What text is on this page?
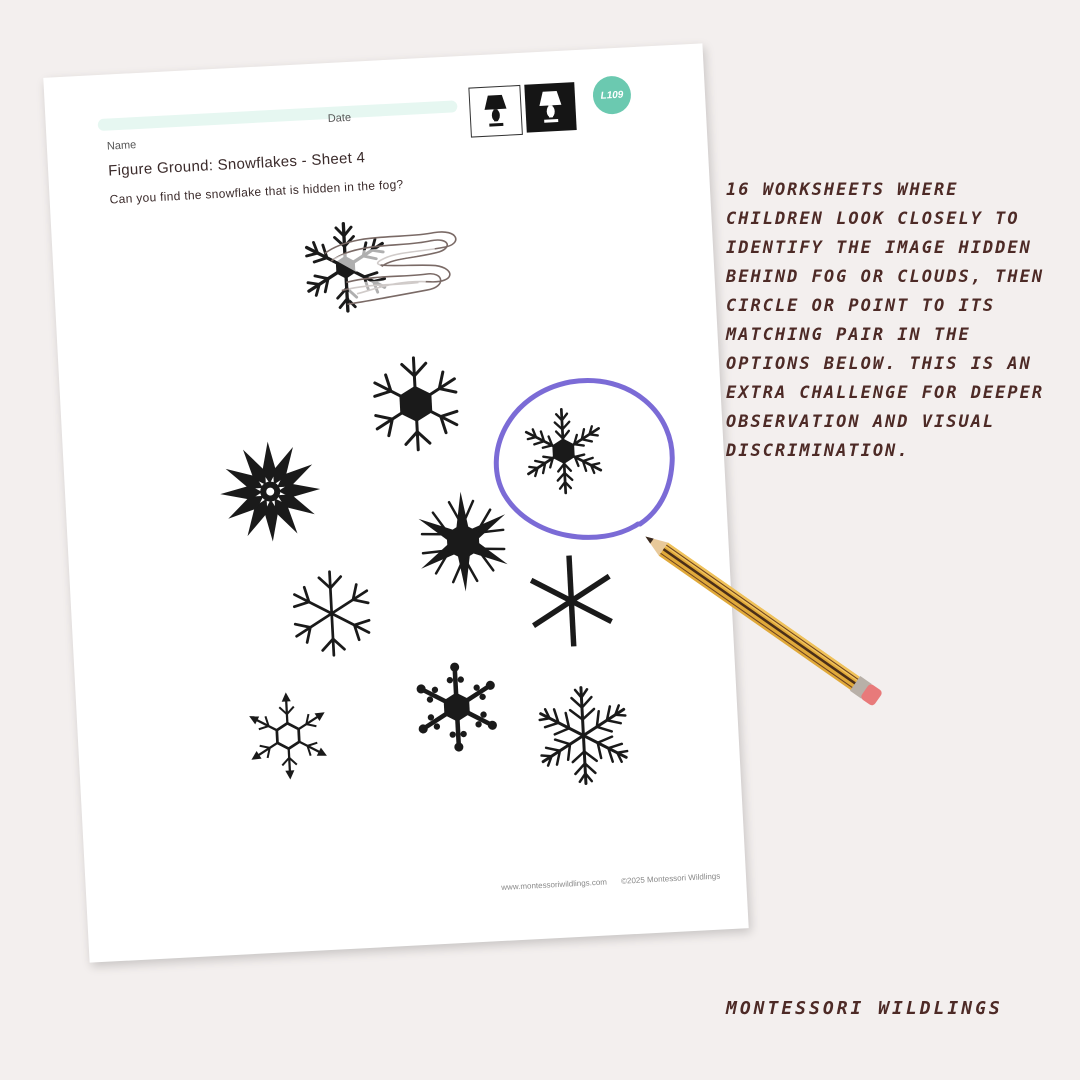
Name
Date
Figure Ground: Snowflakes - Sheet 4
Can you find the snowflake that is hidden in the fog?
L109
www.montessoriwildlings.com ©2025 Montessori Wildlings
16 WORKSHEETS WHERE CHILDREN LOOK CLOSELY TO IDENTIFY THE IMAGE HIDDEN BEHIND FOG OR CLOUDS, THEN CIRCLE OR POINT TO ITS MATCHING PAIR IN THE OPTIONS BELOW. THIS IS AN EXTRA CHALLENGE FOR DEEPER OBSERVATION AND VISUAL DISCRIMINATION.
MONTESSORI WILDLINGS
